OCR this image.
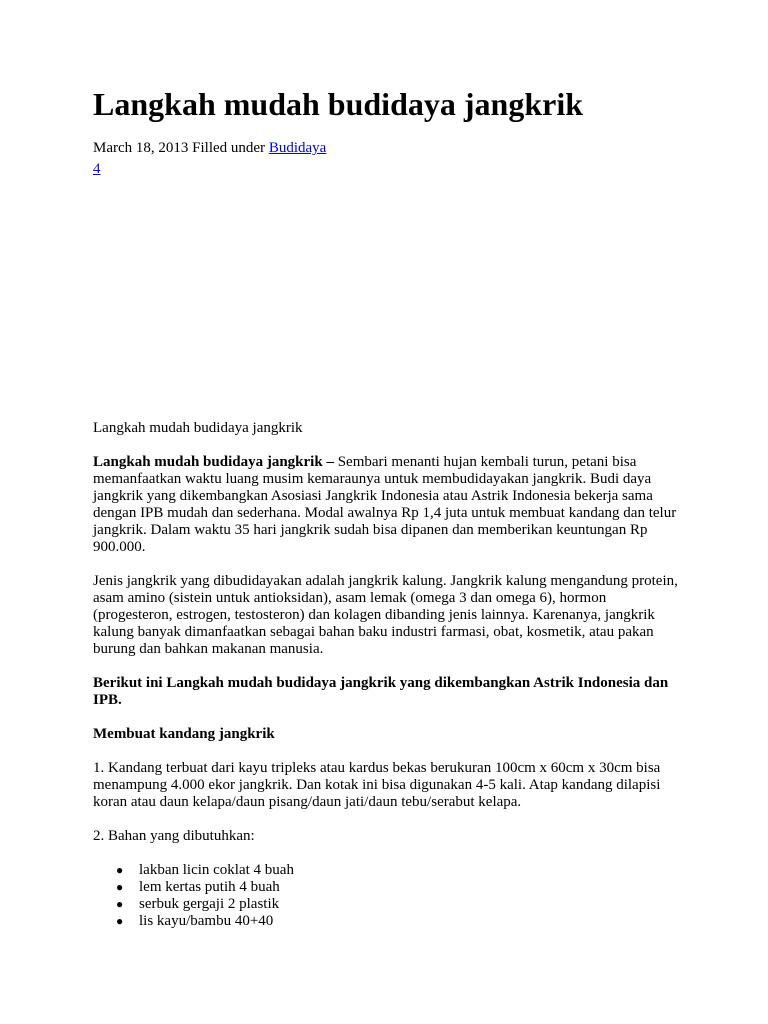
Langkah mudah budidaya jangkrik
March 18, 2013 Filled under Budidaya
4

Langkah mudah budidaya jangkrik

Langkah mudah budidaya jangkrik – Sembari menanti hujan kembali turun, petani bisa memanfaatkan waktu luang musim kemaraunya untuk membudidayakan jangkrik. Budi daya jangkrik yang dikembangkan Asosiasi Jangkrik Indonesia atau Astrik Indonesia bekerja sama dengan IPB mudah dan sederhana. Modal awalnya Rp 1,4 juta untuk membuat kandang dan telur jangkrik. Dalam waktu 35 hari jangkrik sudah bisa dipanen dan memberikan keuntungan Rp 900.000.

Jenis jangkrik yang dibudidayakan adalah jangkrik kalung. Jangkrik kalung mengandung protein, asam amino (sistein untuk antioksidan), asam lemak (omega 3 dan omega 6), hormon (progesteron, estrogen, testosteron) dan kolagen dibanding jenis lainnya. Karenanya, jangkrik kalung banyak dimanfaatkan sebagai bahan baku industri farmasi, obat, kosmetik, atau pakan burung dan bahkan makanan manusia.

Berikut ini Langkah mudah budidaya jangkrik yang dikembangkan Astrik Indonesia dan IPB.

Membuat kandang jangkrik

1. Kandang terbuat dari kayu tripleks atau kardus bekas berukuran 100cm x 60cm x 30cm bisa menampung 4.000 ekor jangkrik. Dan kotak ini bisa digunakan 4-5 kali. Atap kandang dilapisi koran atau daun kelapa/daun pisang/daun jati/daun tebu/serabut kelapa.

2. Bahan yang dibutuhkan:

● lakban licin coklat 4 buah
● lem kertas putih 4 buah
● serbuk gergaji 2 plastik
● lis kayu/bambu 40+40
